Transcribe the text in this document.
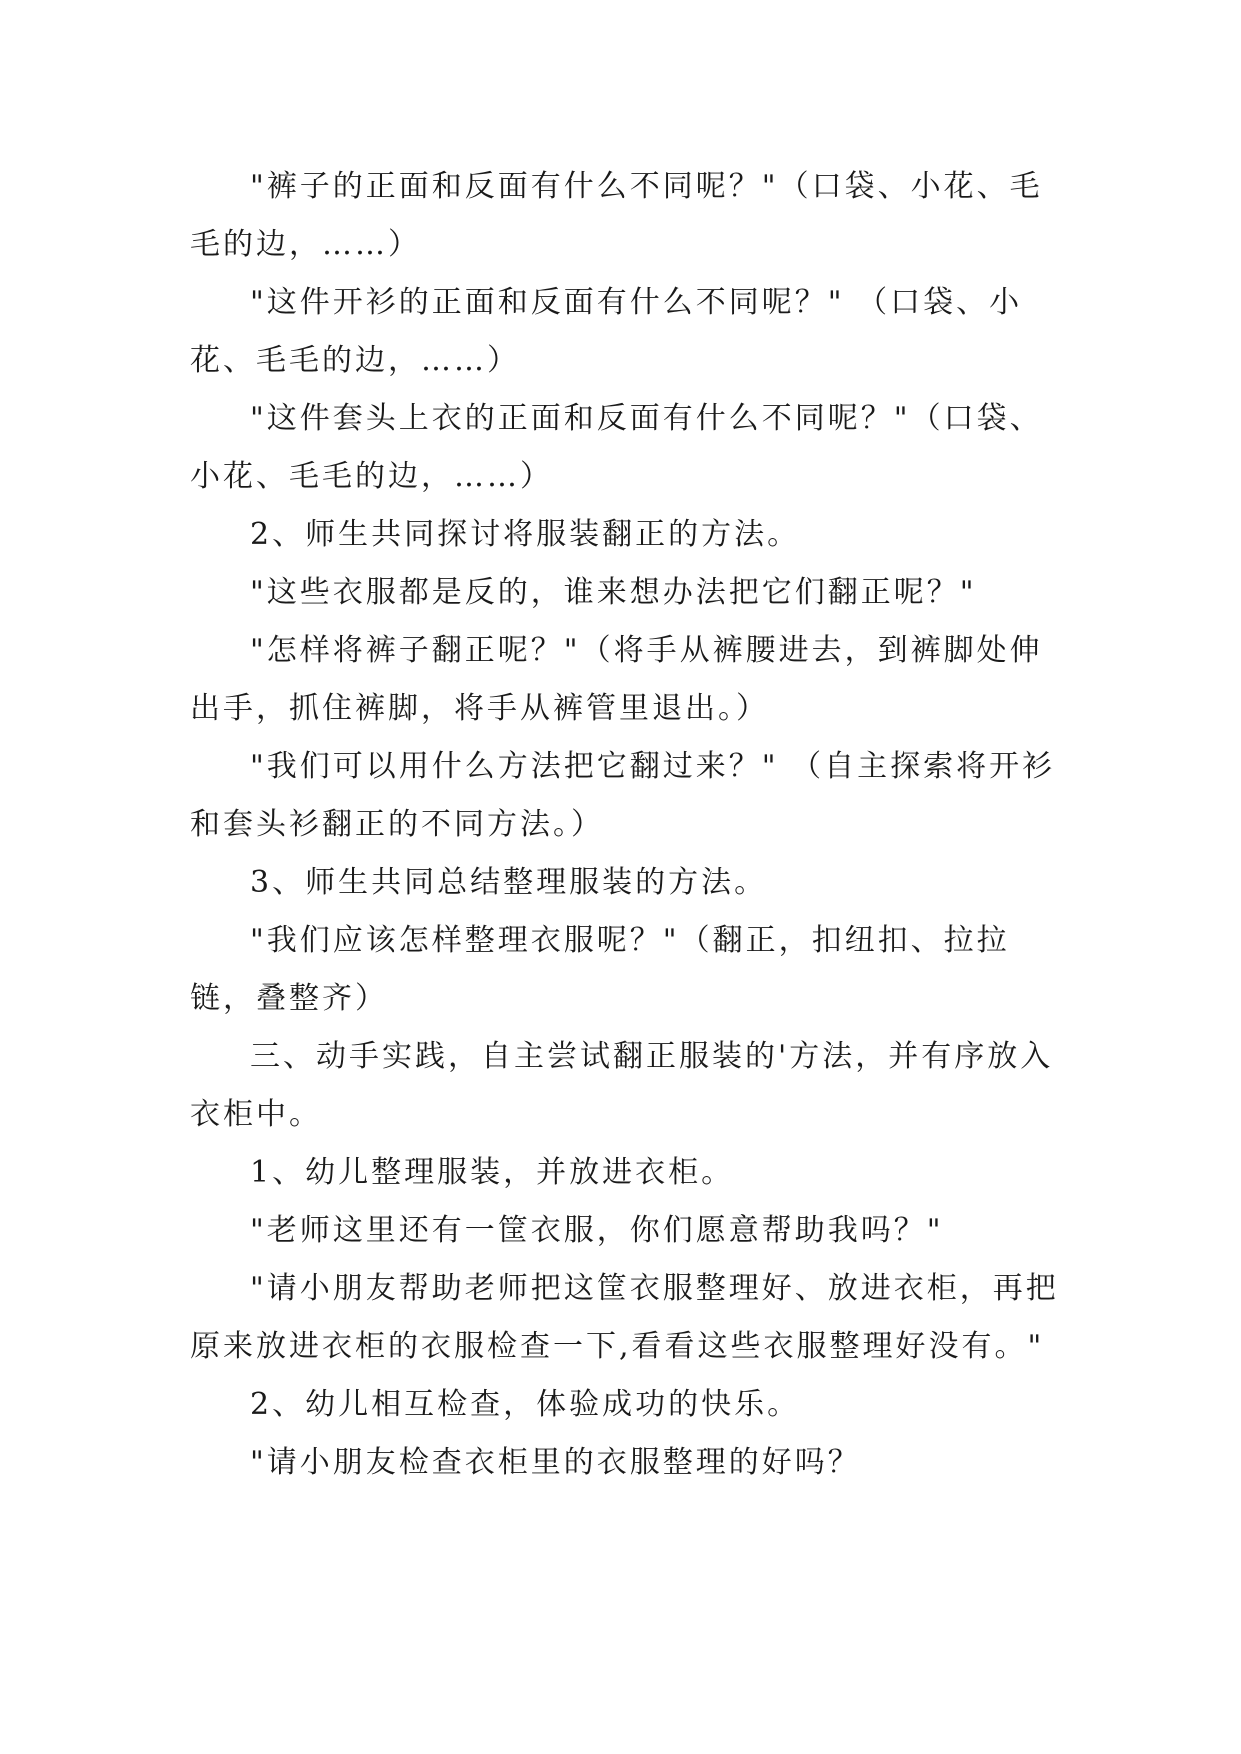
"裤子的正面和反面有什么不同呢？"（口袋、小花、毛毛的边，……）

"这件开衫的正面和反面有什么不同呢？" （口袋、小花、毛毛的边，……）

"这件套头上衣的正面和反面有什么不同呢？"（口袋、小花、毛毛的边，……）

2、师生共同探讨将服装翻正的方法。

"这些衣服都是反的，谁来想办法把它们翻正呢？"

"怎样将裤子翻正呢？"（将手从裤腰进去，到裤脚处伸出手，抓住裤脚，将手从裤管里退出。）

"我们可以用什么方法把它翻过来？" （自主探索将开衫和套头衫翻正的不同方法。）

3、师生共同总结整理服装的方法。

"我们应该怎样整理衣服呢？"（翻正，扣纽扣、拉拉链，叠整齐）

三、动手实践，自主尝试翻正服装的'方法，并有序放入衣柜中。

1、幼儿整理服装，并放进衣柜。

"老师这里还有一筐衣服，你们愿意帮助我吗？"

"请小朋友帮助老师把这筐衣服整理好、放进衣柜，再把原来放进衣柜的衣服检查一下,看看这些衣服整理好没有。"

2、幼儿相互检查，体验成功的快乐。

"请小朋友检查衣柜里的衣服整理的好吗？
